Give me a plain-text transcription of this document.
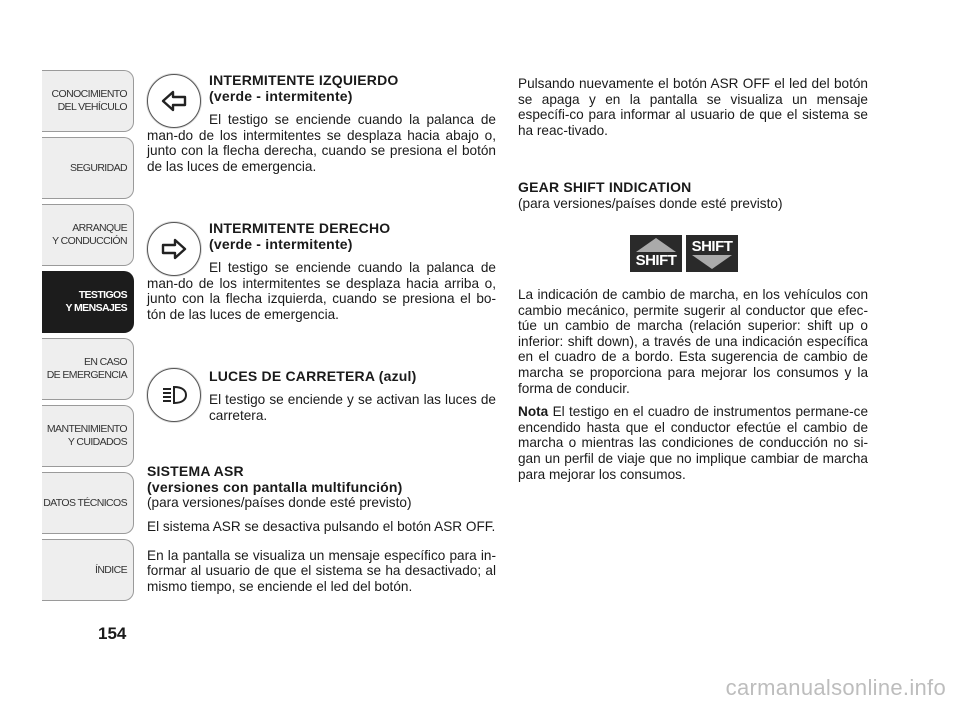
CONOCIMIENTO
DEL VEHÍCULO
SEGURIDAD
ARRANQUE
Y CONDUCCIÓN
TESTIGOS
Y MENSAJES
EN CASO
DE EMERGENCIA
MANTENIMIENTO
Y CUIDADOS
DATOS TÉCNICOS
ÍNDICE
154
INTERMITENTE IZQUIERDO
(verde - intermitente)

El testigo se enciende cuando la palanca de man-do de los intermitentes se desplaza hacia abajo o, junto con la flecha derecha, cuando se presiona el botón de las luces de emergencia.

INTERMITENTE DERECHO
(verde - intermitente)

El testigo se enciende cuando la palanca de man-do de los intermitentes se desplaza hacia arriba o, junto con la flecha izquierda, cuando se presiona el bo-tón de las luces de emergencia.

LUCES DE CARRETERA (azul)

El testigo se enciende y se activan las luces de carretera.

SISTEMA ASR
(versiones con pantalla multifunción)
(para versiones/países donde esté previsto)

El sistema ASR se desactiva pulsando el botón ASR OFF.

En la pantalla se visualiza un mensaje específico para in-formar al usuario de que el sistema se ha desactivado; al mismo tiempo, se enciende el led del botón.

Pulsando nuevamente el botón ASR OFF el led del botón se apaga y en la pantalla se visualiza un mensaje específi-co para informar al usuario de que el sistema se ha reac-tivado.

GEAR SHIFT INDICATION
(para versiones/países donde esté previsto)
SHIFT
SHIFT

La indicación de cambio de marcha, en los vehículos con cambio mecánico, permite sugerir al conductor que efec-túe un cambio de marcha (relación superior: shift up o inferior: shift down), a través de una indicación específica en el cuadro de a bordo. Esta sugerencia de cambio de marcha se proporciona para mejorar los consumos y la forma de conducir.

Nota El testigo en el cuadro de instrumentos permane-ce encendido hasta que el conductor efectúe el cambio de marcha o mientras las condiciones de conducción no si-gan un perfil de viaje que no implique cambiar de marcha para mejorar los consumos.

carmanualsonline.info
